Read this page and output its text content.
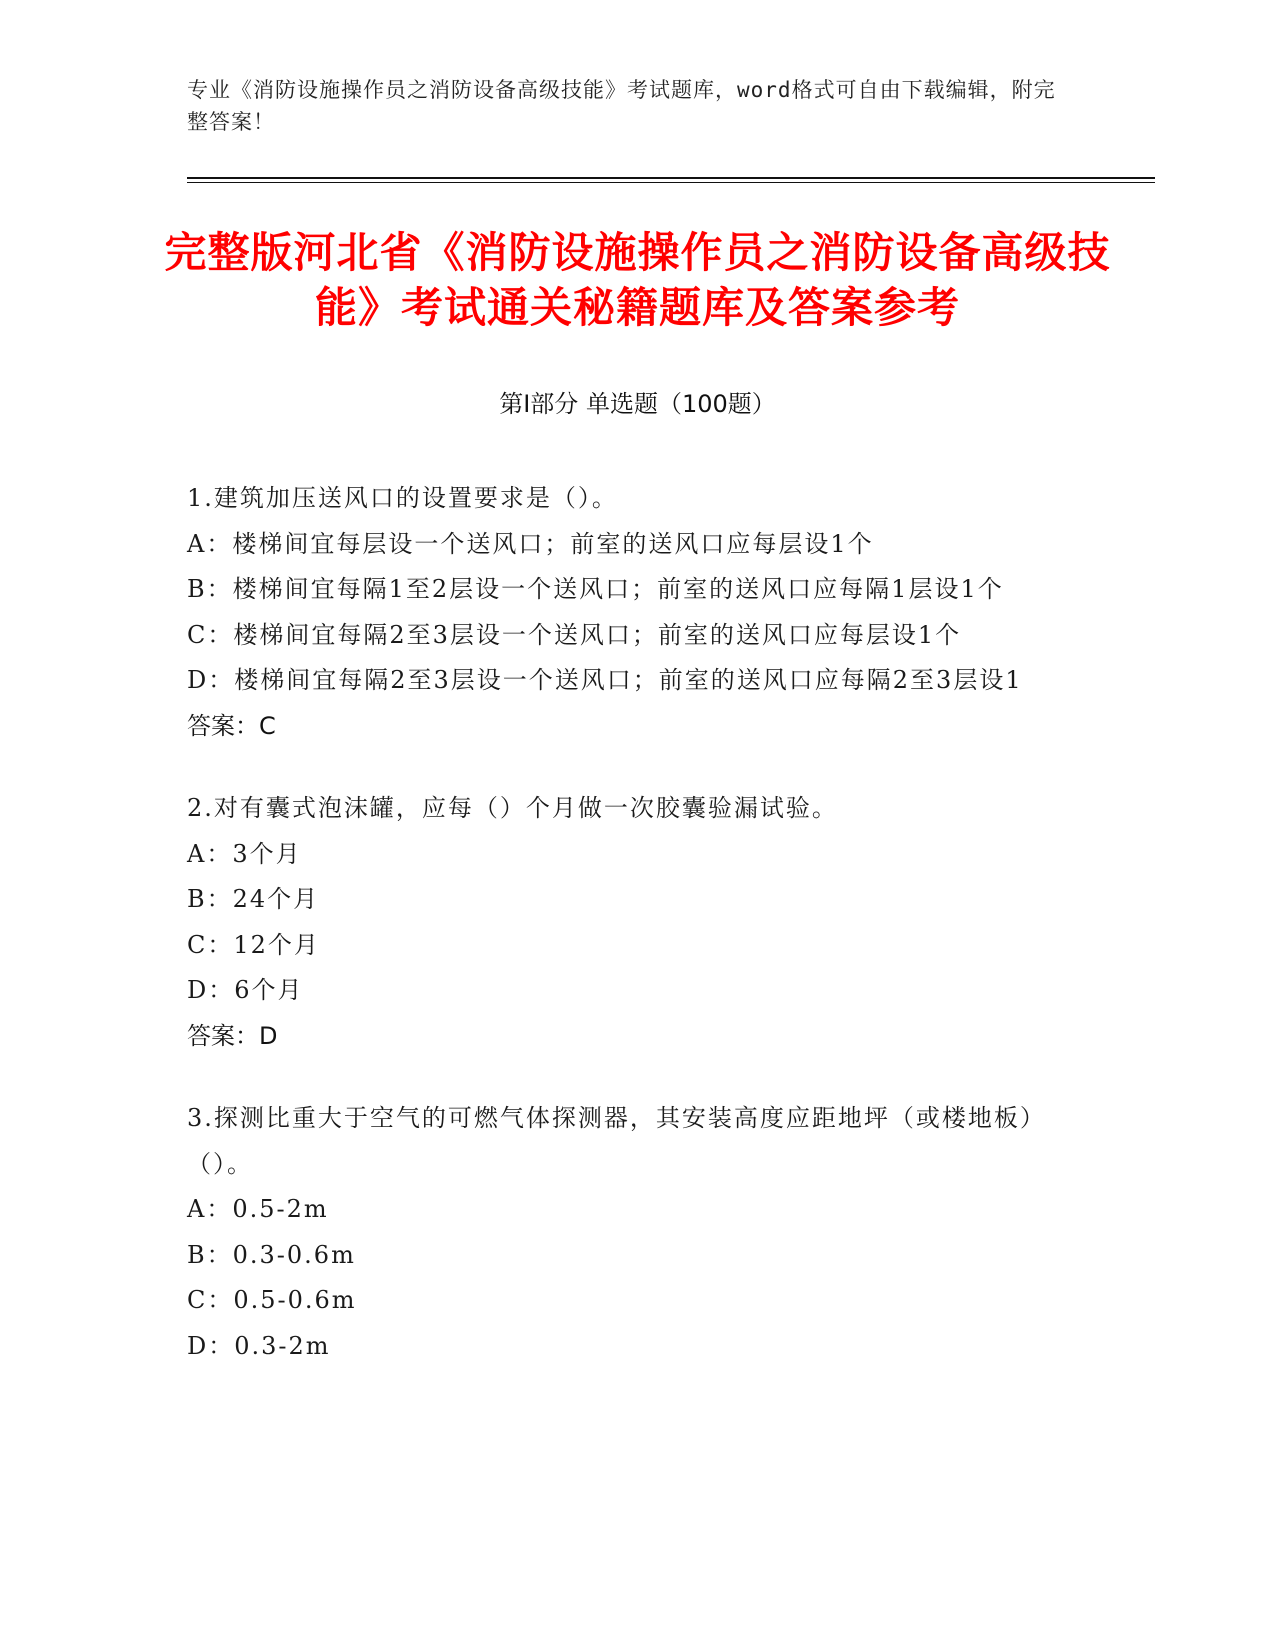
专业《消防设施操作员之消防设备高级技能》考试题库，word格式可自由下载编辑，附完整答案！
完整版河北省《消防设施操作员之消防设备高级技能》考试通关秘籍题库及答案参考
第Ⅰ部分 单选题（100题）
1.建筑加压送风口的设置要求是（）。
A：楼梯间宜每层设一个送风口；前室的送风口应每层设1个
B：楼梯间宜每隔1至2层设一个送风口；前室的送风口应每隔1层设1个
C：楼梯间宜每隔2至3层设一个送风口；前室的送风口应每层设1个
D：楼梯间宜每隔2至3层设一个送风口；前室的送风口应每隔2至3层设1
答案：C
2.对有囊式泡沫罐，应每（）个月做一次胶囊验漏试验。
A：3个月
B：24个月
C：12个月
D：6个月
答案：D
3.探测比重大于空气的可燃气体探测器，其安装高度应距地坪（或楼地板）（）。
A：0.5-2m
B：0.3-0.6m
C：0.5-0.6m
D：0.3-2m
